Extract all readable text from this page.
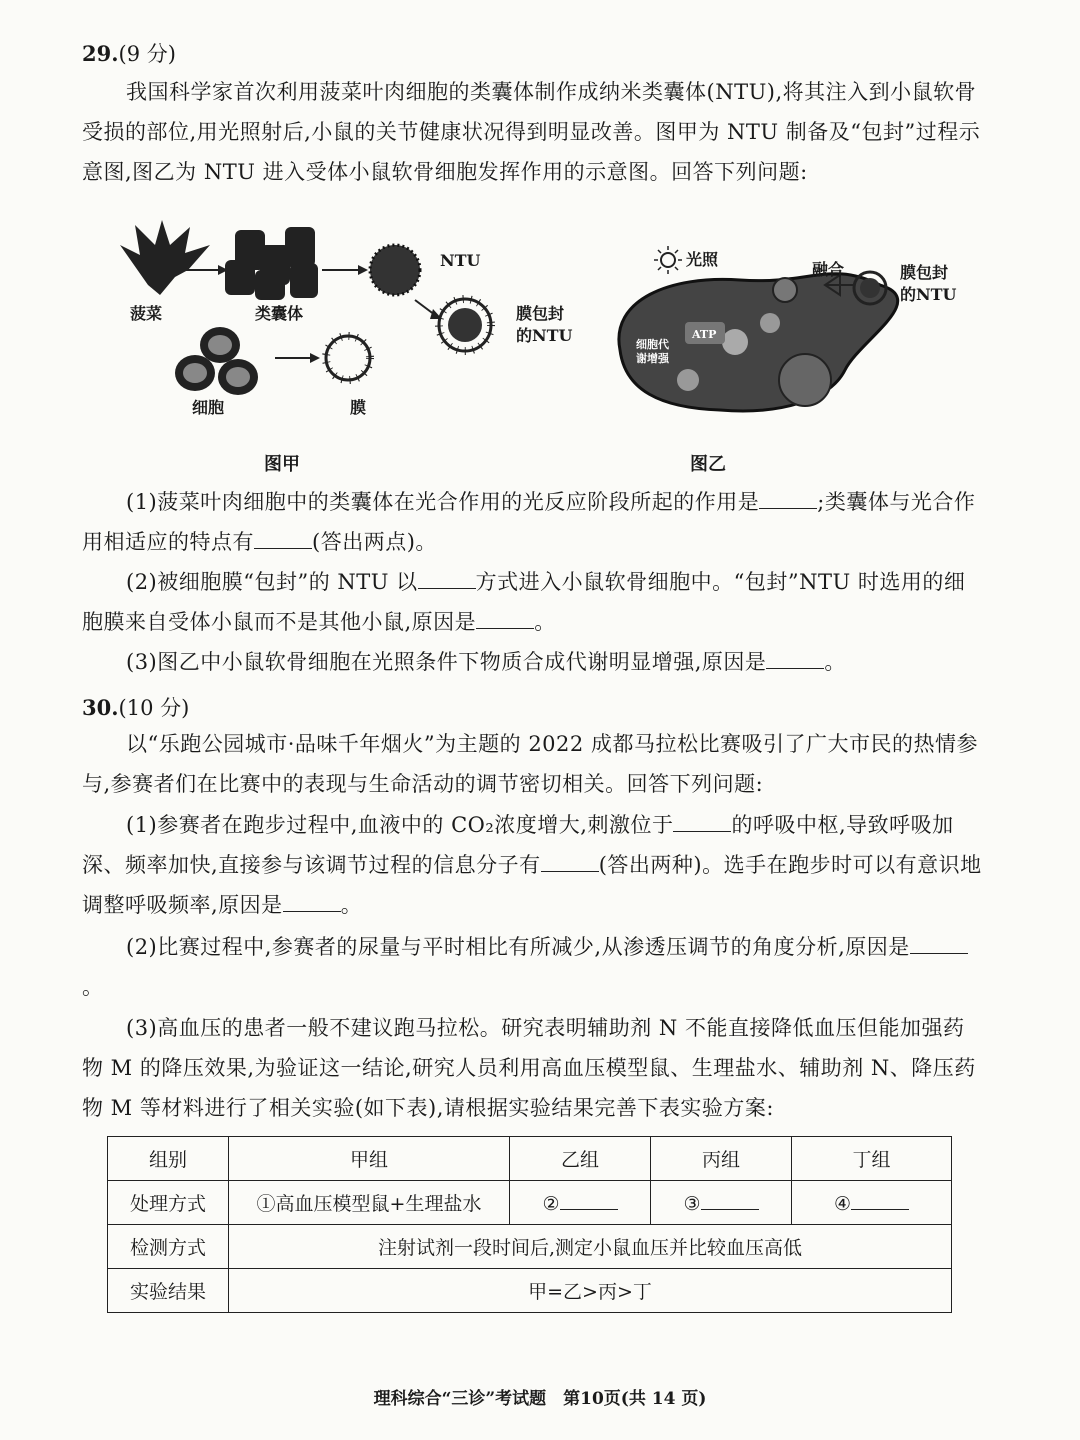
29.(9 分)
我国科学家首次利用菠菜叶肉细胞的类囊体制作成纳米类囊体(NTU),将其注入到小鼠软骨受损的部位,用光照射后,小鼠的关节健康状况得到明显改善。图甲为 NTU 制备及“包封”过程示意图,图乙为 NTU 进入受体小鼠软骨细胞发挥作用的示意图。回答下列问题:
菠菜	类囊体
NTU
膜包封
的NTU
细胞	膜
图甲
光照
融合	膜包封
的NTU
ATP
细胞代
谢增强
图乙
(1)菠菜叶肉细胞中的类囊体在光合作用的光反应阶段所起的作用是	;类囊体与光合作用相适应的特点有	(答出两点)。
(2)被细胞膜“包封”的 NTU 以	方式进入小鼠软骨细胞中。“包封”NTU 时选用的细胞膜来自受体小鼠而不是其他小鼠,原因是	。
(3)图乙中小鼠软骨细胞在光照条件下物质合成代谢明显增强,原因是	。
30.(10 分)
以“乐跑公园城市·品味千年烟火”为主题的 2022 成都马拉松比赛吸引了广大市民的热情参与,参赛者们在比赛中的表现与生命活动的调节密切相关。回答下列问题:
(1)参赛者在跑步过程中,血液中的 CO₂浓度增大,刺激位于	的呼吸中枢,导致呼吸加深、频率加快,直接参与该调节过程的信息分子有	(答出两种)。选手在跑步时可以有意识地调整呼吸频率,原因是	。
(2)比赛过程中,参赛者的尿量与平时相比有所减少,从渗透压调节的角度分析,原因是。
(3)高血压的患者一般不建议跑马拉松。研究表明辅助剂 N 不能直接降低血压但能加强药物 M 的降压效果,为验证这一结论,研究人员利用高血压模型鼠、生理盐水、辅助剂 N、降压药物 M 等材料进行了相关实验(如下表),请根据实验结果完善下表实验方案:
组别	甲组	乙组	丙组	丁组
处理方式	①高血压模型鼠+生理盐水	②	③	④
检测方式	注射试剂一段时间后,测定小鼠血压并比较血压高低			
实验结果	甲=乙>丙>丁			
理科综合“三诊”考试题　第10页(共 14 页)
